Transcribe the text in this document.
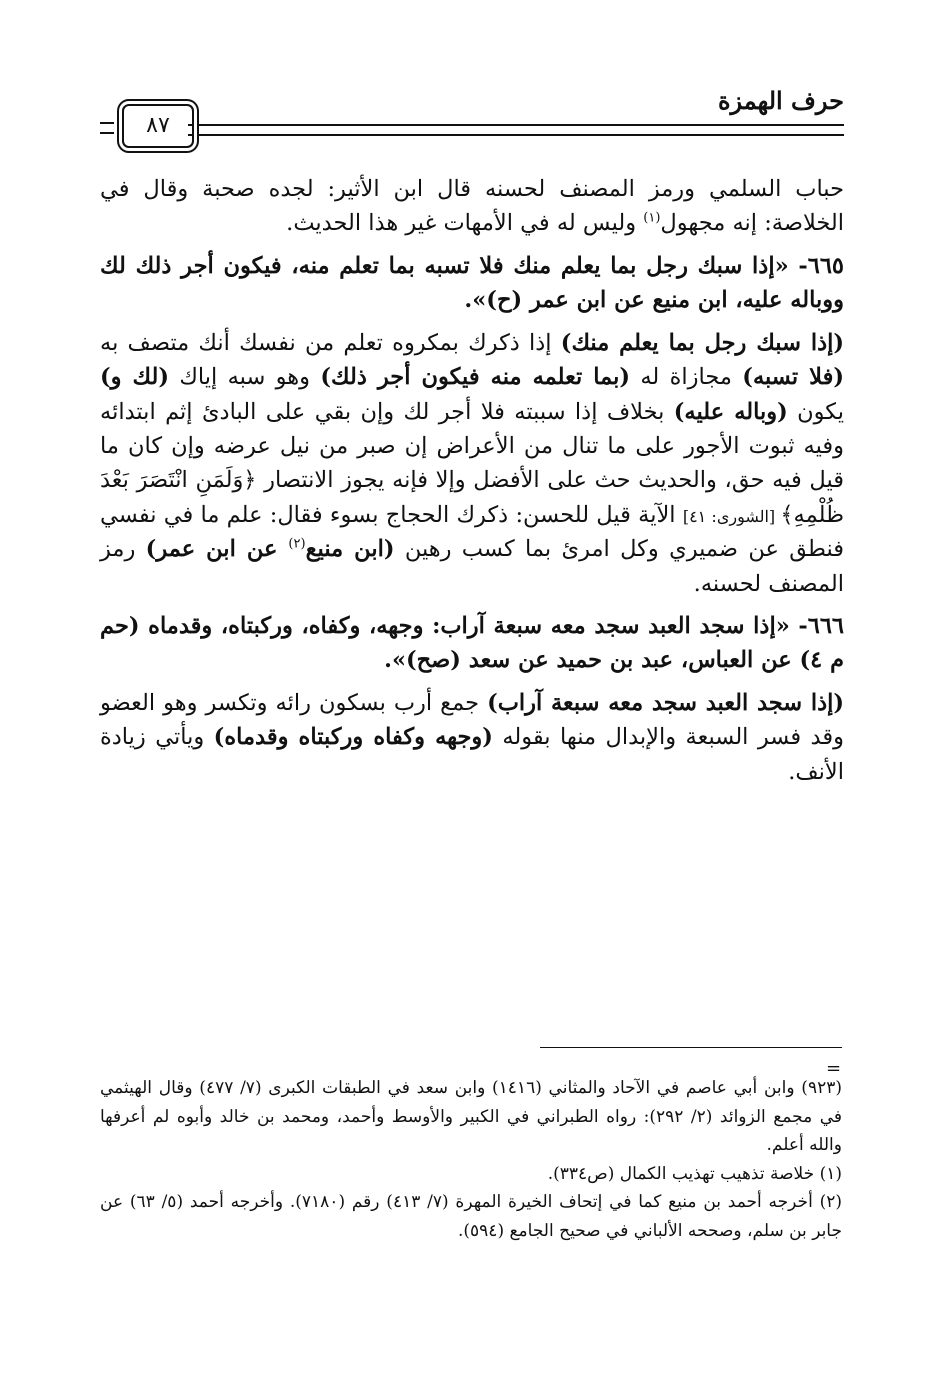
حرف الهمزة
٨٧

حباب السلمي ورمز المصنف لحسنه قال ابن الأثير: لجده صحبة وقال في الخلاصة: إنه مجهول$^{(١)}$ وليس له في الأمهات غير هذا الحديث.

٦٦٥- «إذا سبك رجل بما يعلم منك فلا تسبه بما تعلم منه، فيكون أجر ذلك لك ووباله عليه، ابن منيع عن ابن عمر (ح)».

(إذا سبك رجل بما يعلم منك) إذا ذكرك بمكروه تعلم من نفسك أنك متصف به (فلا تسبه) مجازاة له (بما تعلمه منه فيكون أجر ذلك) وهو سبه إياك (لك و) يكون (وباله عليه) بخلاف إذا سببته فلا أجر لك وإن بقي على البادئ إثم ابتدائه وفيه ثبوت الأجور على ما تنال من الأعراض إن صبر من نيل عرضه وإن كان ما قيل فيه حق، والحديث حث على الأفضل وإلا فإنه يجوز الانتصار ﴿وَلَمَنِ انْتَصَرَ بَعْدَ ظُلْمِهِ﴾ [الشورى: ٤١] الآية قيل للحسن: ذكرك الحجاج بسوء فقال: علم ما في نفسي فنطق عن ضميري وكل امرئ بما كسب رهين (ابن منيع$^{(٢)}$ عن ابن عمر) رمز المصنف لحسنه.

٦٦٦- «إذا سجد العبد سجد معه سبعة آراب: وجهه، وكفاه، وركبتاه، وقدماه (حم م ٤) عن العباس، عبد بن حميد عن سعد (صح)».

(إذا سجد العبد سجد معه سبعة آراب) جمع أرب بسكون رائه وتكسر وهو العضو وقد فسر السبعة والإبدال منها بقوله (وجهه وكفاه وركبتاه وقدماه) ويأتي زيادة الأنف.

=

(٩٢٣) وابن أبي عاصم في الآحاد والمثاني (١٤١٦) وابن سعد في الطبقات الكبرى (٧/ ٤٧٧) وقال الهيثمي في مجمع الزوائد (٢/ ٢٩٢): رواه الطبراني في الكبير والأوسط وأحمد، ومحمد بن خالد وأبوه لم أعرفها والله أعلم.

(١) خلاصة تذهيب تهذيب الكمال (ص٣٣٤).

(٢) أخرجه أحمد بن منيع كما في إتحاف الخيرة المهرة (٧/ ٤١٣) رقم (٧١٨٠). وأخرجه أحمد (٥/ ٦٣) عن جابر بن سلم، وصححه الألباني في صحيح الجامع (٥٩٤).
